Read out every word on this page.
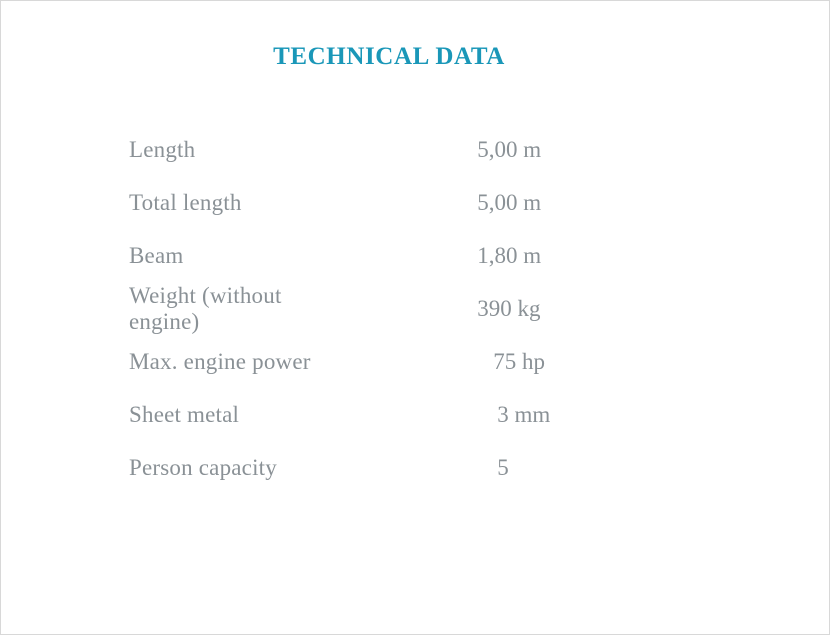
TECHNICAL DATA
Length	5,00 m
Total length	5,00 m
Beam	1,80 m
Weight (without engine)	390 kg
Max. engine power	75 hp
Sheet metal	3 mm
Person capacity	5
